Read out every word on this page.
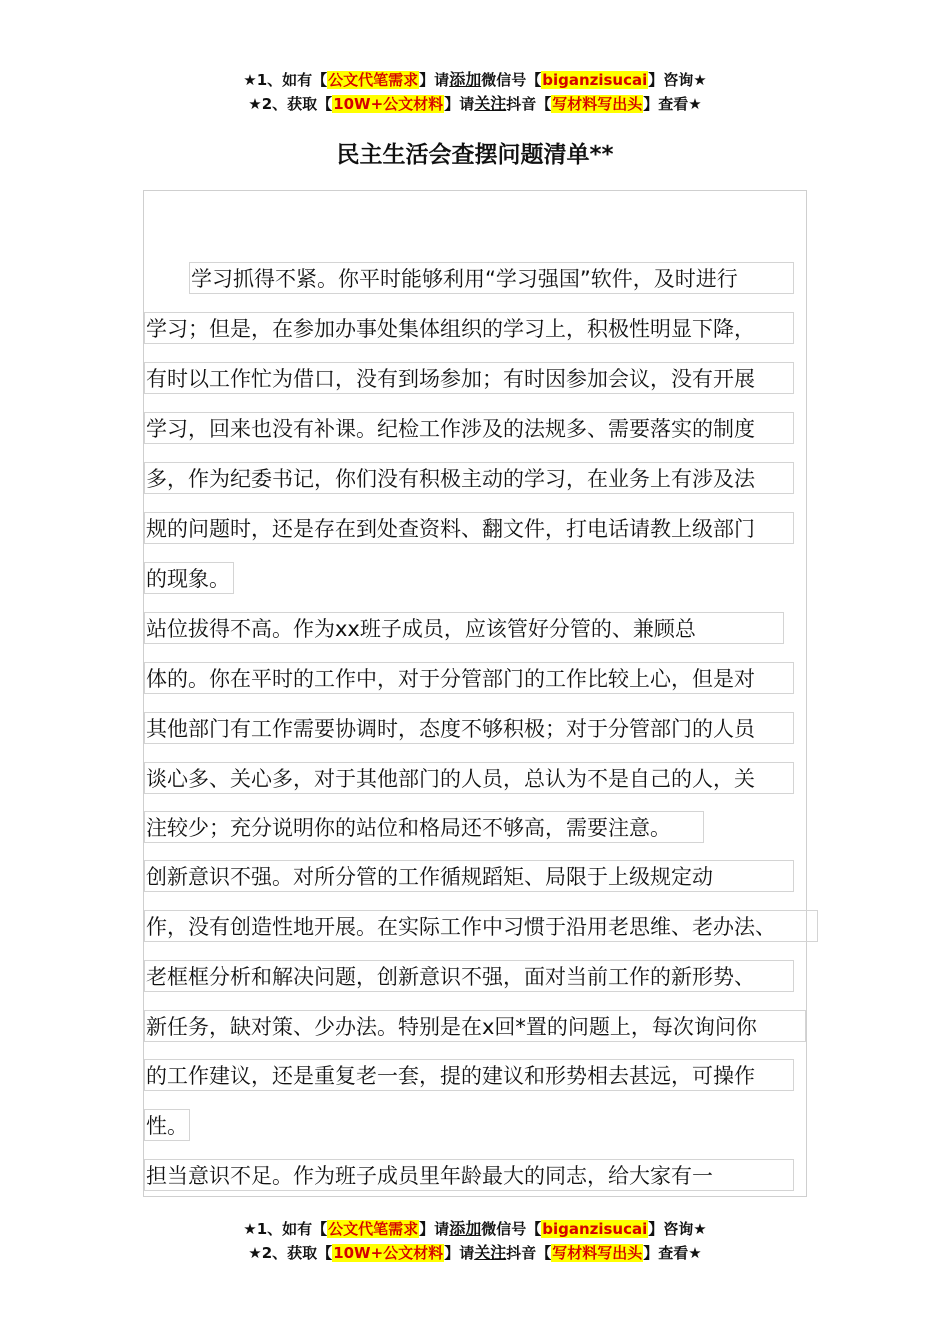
★1、如有【公文代笔需求】请添加微信号【biganzisucai】咨询★
★2、获取【10W+公文材料】请关注抖音【写材料写出头】查看★
民主生活会查摆问题清单**
学习抓得不紧。你平时能够利用“学习强国”软件，及时进行
学习；但是，在参加办事处集体组织的学习上，积极性明显下降，
有时以工作忙为借口，没有到场参加；有时因参加会议，没有开展
学习，回来也没有补课。纪检工作涉及的法规多、需要落实的制度
多，作为纪委书记，你们没有积极主动的学习，在业务上有涉及法
规的问题时，还是存在到处查资料、翻文件，打电话请教上级部门
的现象。
站位拔得不高。作为xx班子成员，应该管好分管的、兼顾总
体的。你在平时的工作中，对于分管部门的工作比较上心，但是对
其他部门有工作需要协调时，态度不够积极；对于分管部门的人员
谈心多、关心多，对于其他部门的人员，总认为不是自己的人，关
注较少；充分说明你的站位和格局还不够高，需要注意。
创新意识不强。对所分管的工作循规蹈矩、局限于上级规定动
作，没有创造性地开展。在实际工作中习惯于沿用老思维、老办法、
老框框分析和解决问题，创新意识不强，面对当前工作的新形势、
新任务，缺对策、少办法。特别是在x回*置的问题上，每次询问你
的工作建议，还是重复老一套，提的建议和形势相去甚远，可操作
性。
担当意识不足。作为班子成员里年龄最大的同志，给大家有一
★1、如有【公文代笔需求】请添加微信号【biganzisucai】咨询★
★2、获取【10W+公文材料】请关注抖音【写材料写出头】查看★
